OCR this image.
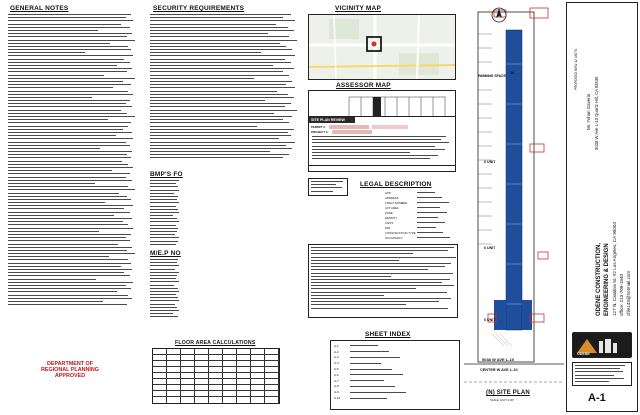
GENERAL NOTES
DEPARTMENT OF
REGIONAL PLANNING APPROVED
SECURITY REQUIREMENTS
BMP'S FO
M/E.P NO
FLOOR AREA CALCULATIONS
VICINITY MAP
ASSESSOR MAP
SITE PLAN REVIEW
PERMIT #:
PROJECT #:
LEGAL DESCRIPTION
APN
ADDRESS
TRACT NUMBER
LOT AREA
ZONE
DENSITY
UNITS
FAR
CONSTRUCTION TYPE
OCCUPANCY
SHEET INDEX
A-1
A-2
A-3
A-4
A-5
A-6
A-7
A-8
A-9
A-10
16
PARKING SPACE
6 UNIT
6 UNIT
6 UNIT
5038 W AVE L-10
CENTER W AVE L-10
(N) SITE PLAN
SCALE: 1/16"=1'-00"
PROPOSED NEW 12 UNITS
Mr. Yohan Gaveria 5038 W Ave L-10 Quartz Hill, CA 93536
ODENE CONSTRUCTION, ENGINEERING & DESIGN 127 N. Catalina St. #2 Los Angeles, CA 90004 office: 213-709-1940 cfile143@hotmail.com
ODENE
A-1
